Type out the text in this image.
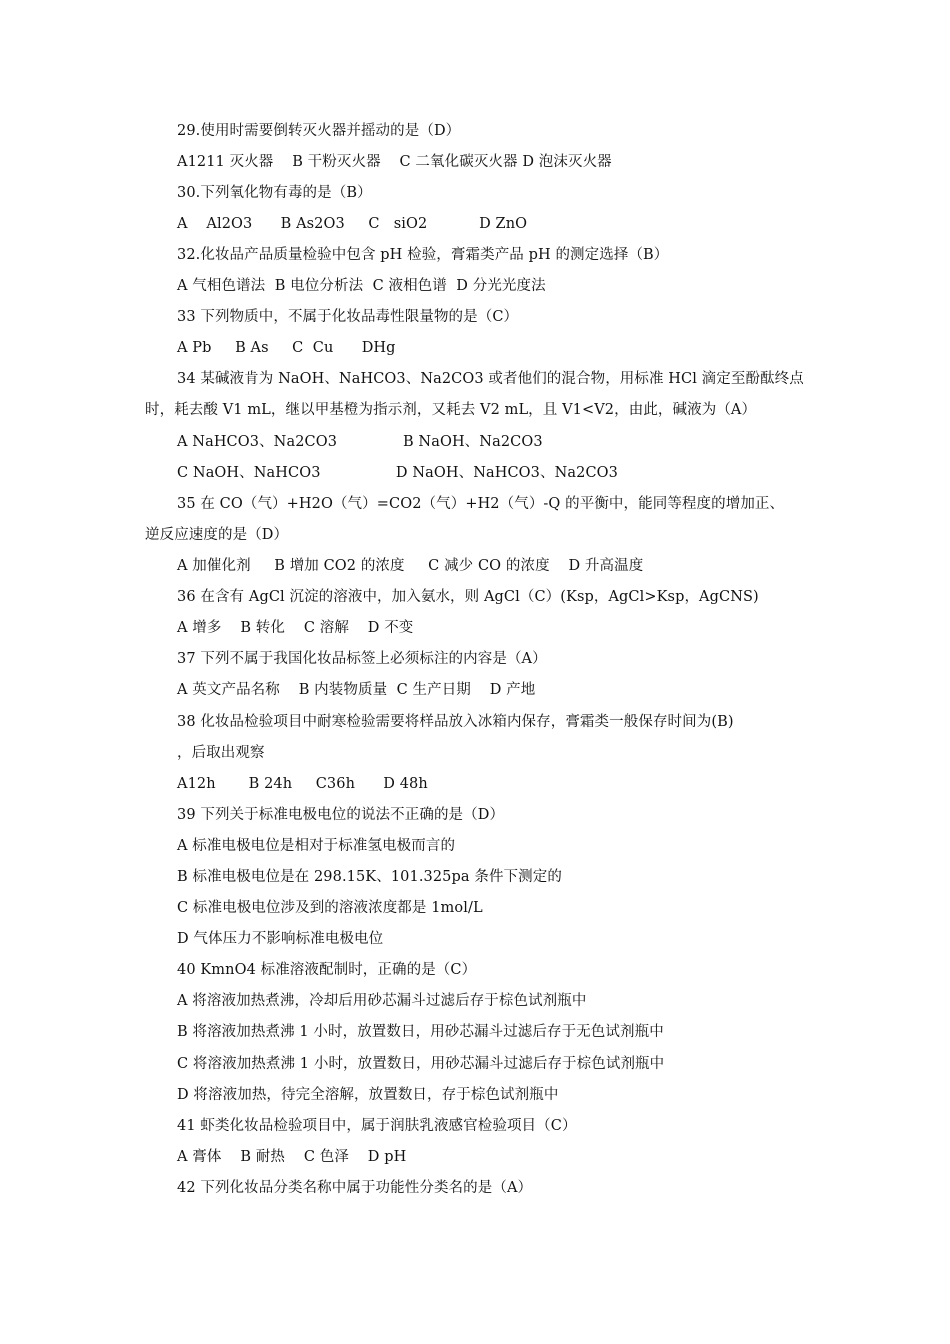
29.使用时需要倒转灭火器并摇动的是（D）
A1211 灭火器    B 干粉灭火器    C 二氧化碳灭火器 D 泡沫灭火器
30.下列氧化物有毒的是（B）
A    Al2O3      B As2O3     C   siO2           D ZnO
32.化妆品产品质量检验中包含 pH 检验，膏霜类产品 pH 的测定选择（B）
A 气相色谱法  B 电位分析法  C 液相色谱  D 分光光度法
33 下列物质中，不属于化妆品毒性限量物的是（C）
A Pb     B As     C  Cu      DHg
34 某碱液肯为 NaOH、NaHCO3、Na2CO3 或者他们的混合物，用标准 HCl 滴定至酚酞终点
时，耗去酸 V1 mL，继以甲基橙为指示剂，又耗去 V2 mL，且 V1<V2，由此，碱液为（A）
A NaHCO3、Na2CO3              B NaOH、Na2CO3
C NaOH、NaHCO3                D NaOH、NaHCO3、Na2CO3
35 在 CO（气）+H2O（气）=CO2（气）+H2（气）-Q 的平衡中，能同等程度的增加正、
逆反应速度的是（D）
A 加催化剂     B 增加 CO2 的浓度     C 减少 CO 的浓度    D 升高温度
36 在含有 AgCl 沉淀的溶液中，加入氨水，则 AgCl（C）(Ksp，AgCl>Ksp，AgCNS)
A 增多    B 转化    C 溶解    D 不变
37 下列不属于我国化妆品标签上必须标注的内容是（A）
A 英文产品名称    B 内装物质量  C 生产日期    D 产地
38 化妆品检验项目中耐寒检验需要将样品放入冰箱内保存，膏霜类一般保存时间为(B)
，后取出观察
A12h       B 24h     C36h      D 48h
39 下列关于标准电极电位的说法不正确的是（D）
A 标准电极电位是相对于标准氢电极而言的
B 标准电极电位是在 298.15K、101.325pa 条件下测定的
C 标准电极电位涉及到的溶液浓度都是 1mol/L
D 气体压力不影响标准电极电位
40 KmnO4 标准溶液配制时，正确的是（C）
A 将溶液加热煮沸，冷却后用砂芯漏斗过滤后存于棕色试剂瓶中
B 将溶液加热煮沸 1 小时，放置数日，用砂芯漏斗过滤后存于无色试剂瓶中
C 将溶液加热煮沸 1 小时，放置数日，用砂芯漏斗过滤后存于棕色试剂瓶中
D 将溶液加热，待完全溶解，放置数日，存于棕色试剂瓶中
41 虾类化妆品检验项目中，属于润肤乳液感官检验项目（C）
A 膏体    B 耐热    C 色泽    D pH
42 下列化妆品分类名称中属于功能性分类名的是（A）
